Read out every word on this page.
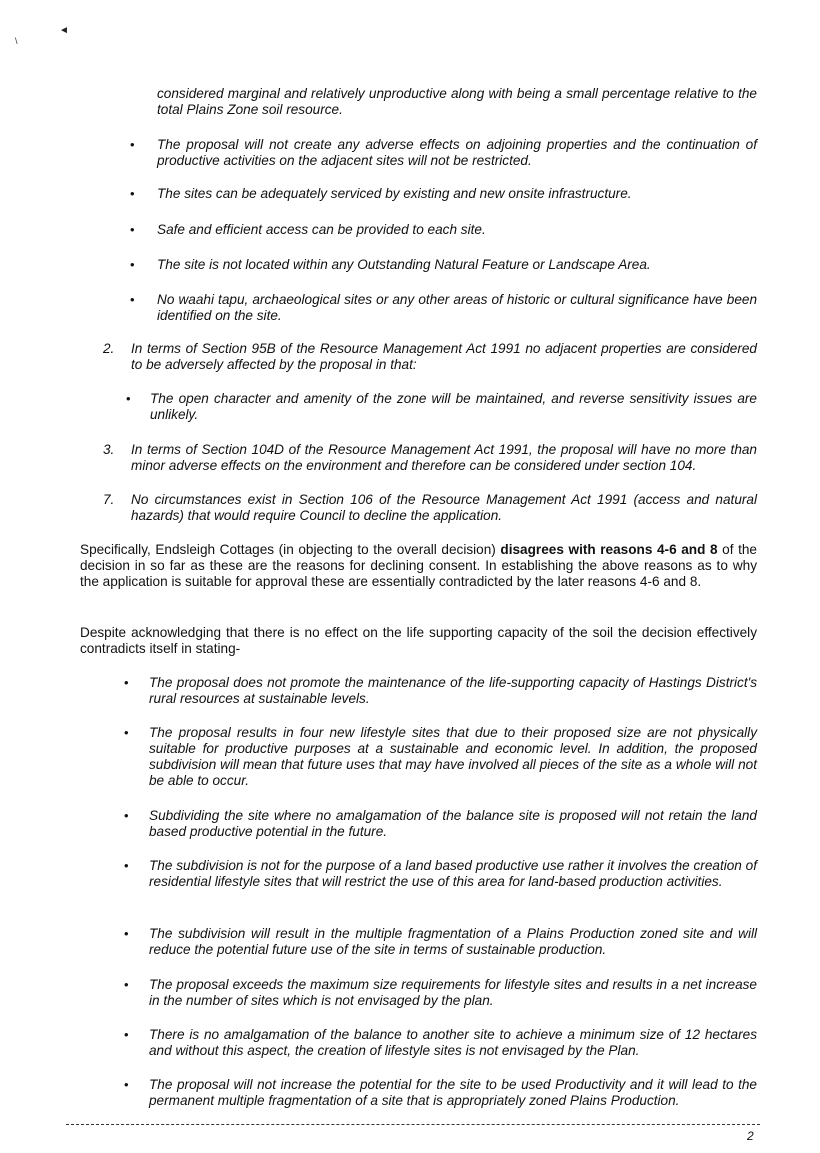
\
◄

considered marginal and relatively unproductive along with being a small percentage relative to the total Plains Zone soil resource.

• The proposal will not create any adverse effects on adjoining properties and the continuation of productive activities on the adjacent sites will not be restricted.

• The sites can be adequately serviced by existing and new onsite infrastructure.

• Safe and efficient access can be provided to each site.

• The site is not located within any Outstanding Natural Feature or Landscape Area.

• No waahi tapu, archaeological sites or any other areas of historic or cultural significance have been identified on the site.

2. In terms of Section 95B of the Resource Management Act 1991 no adjacent properties are considered to be adversely affected by the proposal in that:

• The open character and amenity of the zone will be maintained, and reverse sensitivity issues are unlikely.

3. In terms of Section 104D of the Resource Management Act 1991, the proposal will have no more than minor adverse effects on the environment and therefore can be considered under section 104.

7. No circumstances exist in Section 106 of the Resource Management Act 1991 (access and natural hazards) that would require Council to decline the application.

Specifically, Endsleigh Cottages (in objecting to the overall decision) disagrees with reasons 4-6 and 8 of the decision in so far as these are the reasons for declining consent. In establishing the above reasons as to why the application is suitable for approval these are essentially contradicted by the later reasons 4-6 and 8.

Despite acknowledging that there is no effect on the life supporting capacity of the soil the decision effectively contradicts itself in stating-

• The proposal does not promote the maintenance of the life-supporting capacity of Hastings District's rural resources at sustainable levels.

• The proposal results in four new lifestyle sites that due to their proposed size are not physically suitable for productive purposes at a sustainable and economic level. In addition, the proposed subdivision will mean that future uses that may have involved all pieces of the site as a whole will not be able to occur.

• Subdividing the site where no amalgamation of the balance site is proposed will not retain the land based productive potential in the future.

• The subdivision is not for the purpose of a land based productive use rather it involves the creation of residential lifestyle sites that will restrict the use of this area for land-based production activities.

• The subdivision will result in the multiple fragmentation of a Plains Production zoned site and will reduce the potential future use of the site in terms of sustainable production.

• The proposal exceeds the maximum size requirements for lifestyle sites and results in a net increase in the number of sites which is not envisaged by the plan.

• There is no amalgamation of the balance to another site to achieve a minimum size of 12 hectares and without this aspect, the creation of lifestyle sites is not envisaged by the Plan.

• The proposal will not increase the potential for the site to be used Productivity and it will lead to the permanent multiple fragmentation of a site that is appropriately zoned Plains Production.

2
